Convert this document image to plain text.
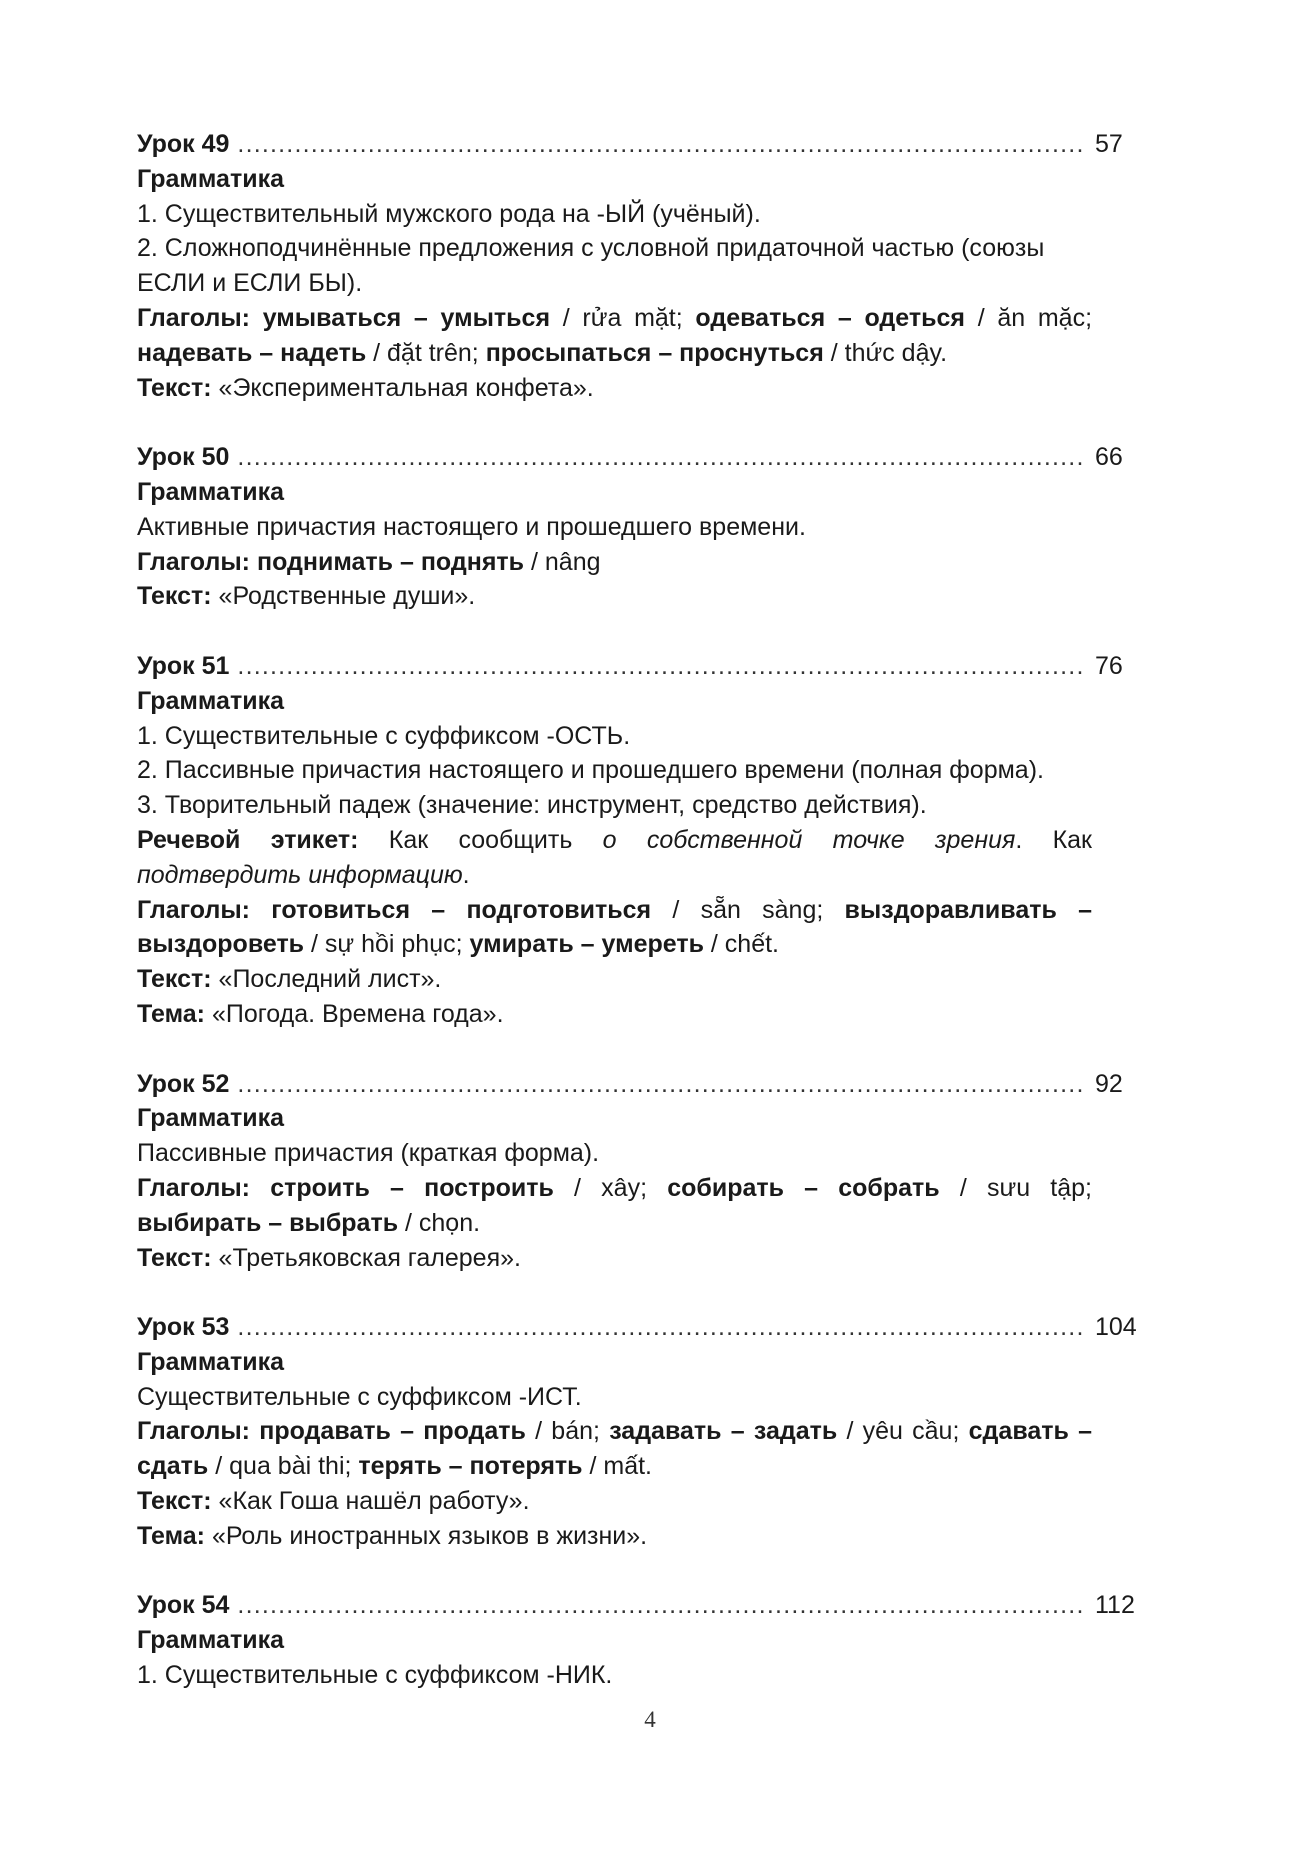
Урок 49 .....	57
Грамматика
1. Существительный мужского рода на -ЫЙ (учёный).
2. Сложноподчинённые предложения с условной придаточной частью (союзы
ЕСЛИ и ЕСЛИ БЫ).
Глаголы: умываться – умыться / rửa mặt; одеваться – одеться / ăn mặc;
надевать – надеть / đặt trên; просыпаться – проснуться / thức dậy.
Текст: «Экспериментальная конфета».
Урок 50 .....	66
Грамматика
Активные причастия настоящего и прошедшего времени.
Глаголы: поднимать – поднять / nâng
Текст: «Родственные души».
Урок 51 .....	76
Грамматика
1. Существительные с суффиксом -ОСТЬ.
2. Пассивные причастия настоящего и прошедшего времени (полная форма).
3. Творительный падеж (значение: инструмент, средство действия).
Речевой этикет: Как сообщить о собственной точке зрения. Как
подтвердить информацию.
Глаголы: готовиться – подготовиться / sẵn sàng; выздоравливать –
выздороветь / sự hồi phục; умирать – умереть / chết.
Текст: «Последний лист».
Тема: «Погода. Времена года».
Урок 52 .....	92
Грамматика
Пассивные причастия (краткая форма).
Глаголы: строить – построить / xây; собирать – собрать / sưu tập;
выбирать – выбрать / chọn.
Текст: «Третьяковская галерея».
Урок 53 .....	104
Грамматика
Существительные с суффиксом -ИСТ.
Глаголы: продавать – продать / bán; задавать – задать / yêu cầu; сдавать –
сдать / qua bài thi; терять – потерять / mất.
Текст: «Как Гоша нашёл работу».
Тема: «Роль иностранных языков в жизни».
Урок 54 .....	112
Грамматика
1. Существительные с суффиксом -НИК.
4
